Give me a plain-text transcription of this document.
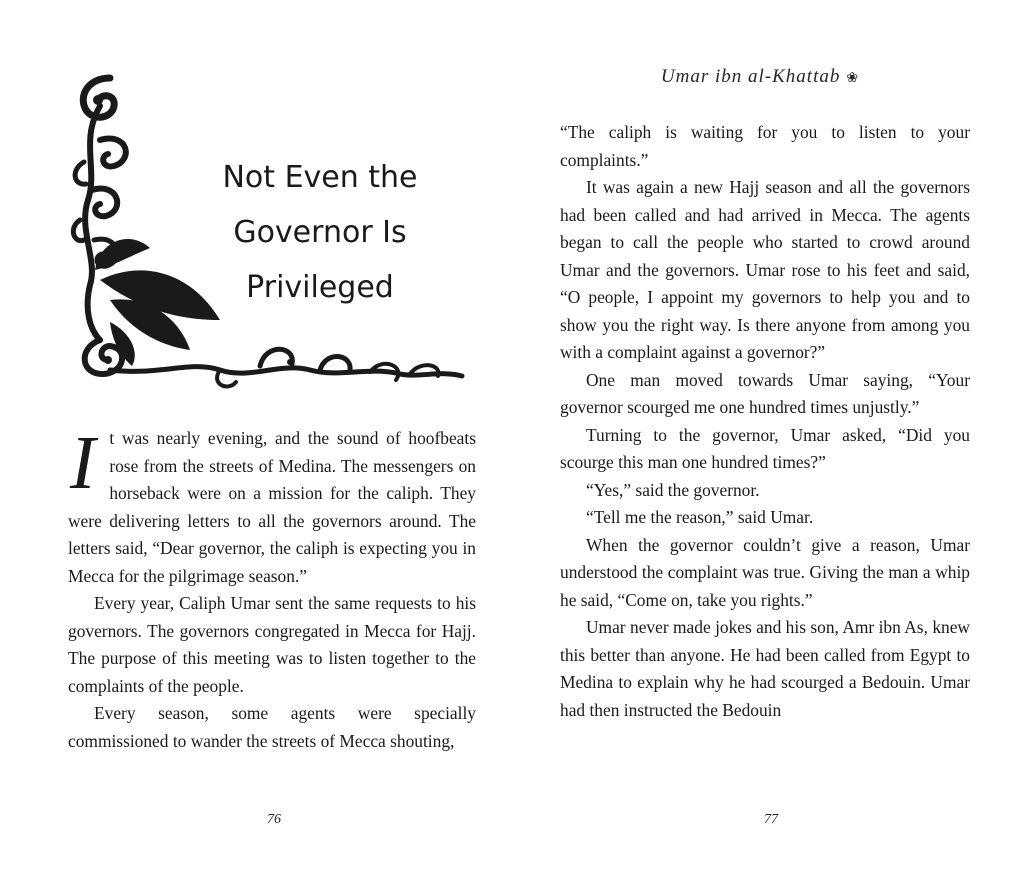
Not Even the
Governor Is
Privileged

It was nearly evening, and the sound of hoofbeats rose from the streets of Medina. The messengers on horseback were on a mission for the caliph. They were delivering letters to all the governors around. The letters said, “Dear governor, the caliph is expecting you in Mecca for the pilgrimage season.”

Every year, Caliph Umar sent the same requests to his governors. The governors congregated in Mecca for Hajj. The purpose of this meeting was to listen together to the complaints of the people.

Every season, some agents were specially commissioned to wander the streets of Mecca shouting,

76
Umar ibn al-Khattab ❀

“The caliph is waiting for you to listen to your complaints.”

It was again a new Hajj season and all the governors had been called and had arrived in Mecca. The agents began to call the people who started to crowd around Umar and the governors. Umar rose to his feet and said, “O people, I appoint my governors to help you and to show you the right way. Is there anyone from among you with a complaint against a governor?”

One man moved towards Umar saying, “Your governor scourged me one hundred times unjustly.”

Turning to the governor, Umar asked, “Did you scourge this man one hundred times?”

“Yes,” said the governor.

“Tell me the reason,” said Umar.

When the governor couldn’t give a reason, Umar understood the complaint was true. Giving the man a whip he said, “Come on, take you rights.”

Umar never made jokes and his son, Amr ibn As, knew this better than anyone. He had been called from Egypt to Medina to explain why he had scourged a Bedouin. Umar had then instructed the Bedouin

77
